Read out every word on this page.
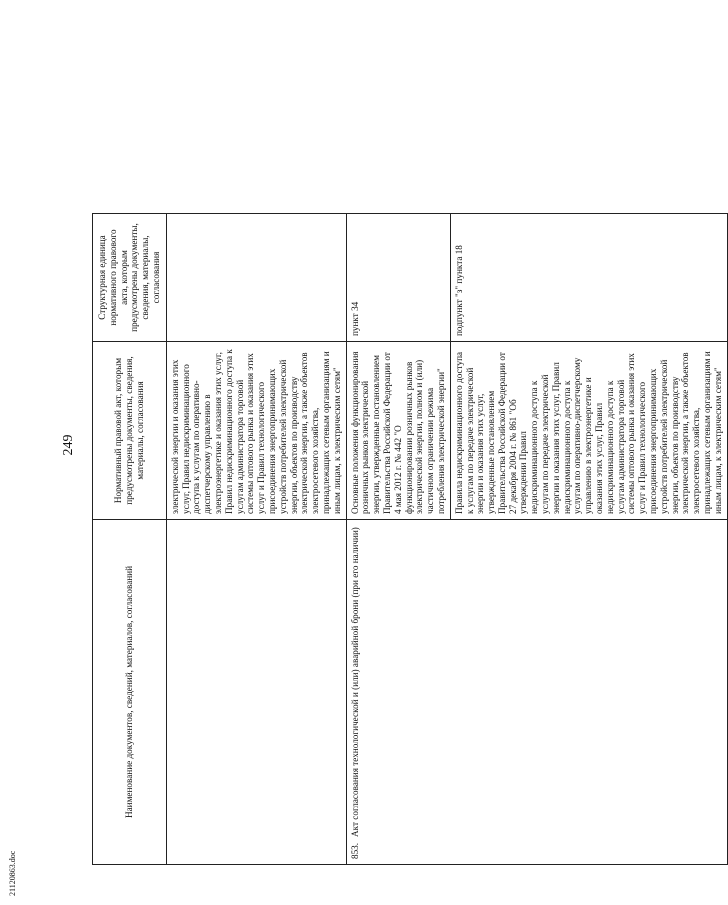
21120863.doc
249
Наименование документов, сведений, материалов, согласований	Нормативный правовой акт, которым предусмотрены документы, сведения, материалы, согласования	Структурная единица нормативного правового акта, которым предусмотрены документы, сведения, материалы, согласования	

	электрической энергии и оказания этих услуг, Правил недискриминационного доступа к услугам по оперативно-диспетчерскому управлению в электроэнергетике и оказания этих услуг, Правил недискриминационного доступа к услугам администратора торговой системы оптового рынка и оказания этих услуг и Правил технологического присоединения энергопринимающих устройств потребителей электрической энергии, объектов по производству электрической энергии, а также объектов электросетевого хозяйства, принадлежащих сетевым организациям и иным лицам, к электрическим сетям"		

853.Акт согласования технологической и (или) аварийной брони (при его наличии)	Основные положения функционирования розничных рынков электрической энергии, утвержденные постановлением Правительства Российской Федерации от 4 мая 2012 г. № 442 "О функционировании розничных рынков электрической энергии, полном и (или) частичном ограничении режима потребления электрической энергии"	пункт 34	

	Правила недискриминационного доступа к услугам по передаче электрической энергии и оказания этих услуг, утвержденные постановлением Правительства Российской Федерации от 27 декабря 2004 г. № 861 "Об утверждении Правил недискриминационного доступа к услугам по передаче электрической энергии и оказания этих услуг, Правил недискриминационного доступа к услугам по оперативно-диспетчерскому управлению в электроэнергетике и оказания этих услуг, Правил недискриминационного доступа к услугам администратора торговой системы оптового рынка и оказания этих услуг и Правил технологического присоединения энергопринимающих устройств потребителей электрической энергии, объектов по производству электрической энергии, а также объектов электросетевого хозяйства, принадлежащих сетевым организациям и иным лицам, к электрическим сетям"	подпункт "з" пункта 18	
